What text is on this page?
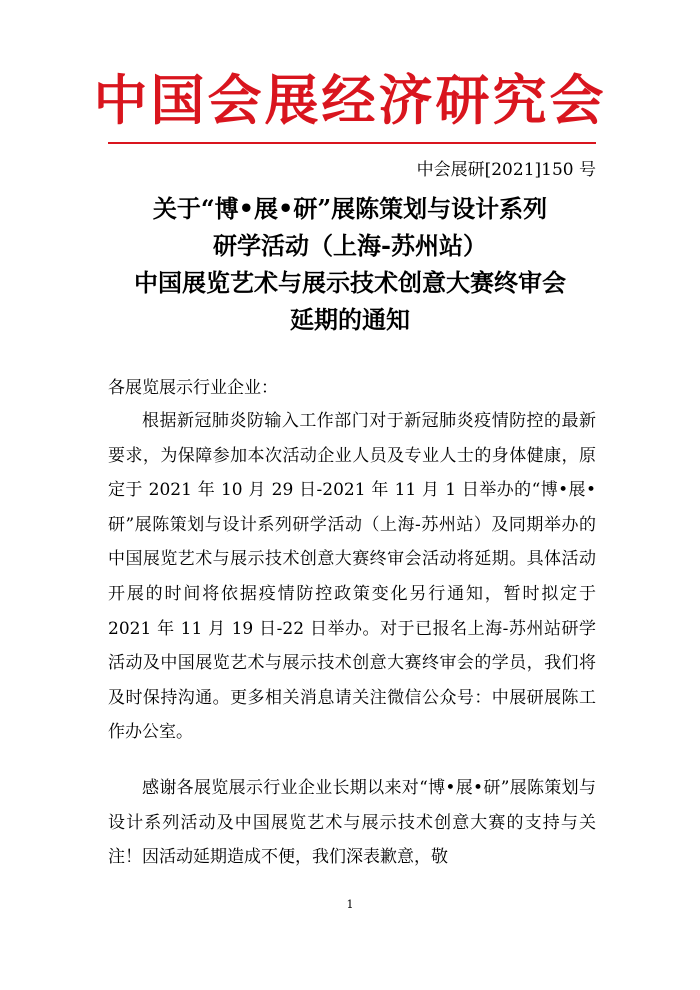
中国会展经济研究会
中会展研[2021]150 号
关于“博•展•研”展陈策划与设计系列
研学活动（上海-苏州站）
中国展览艺术与展示技术创意大赛终审会
延期的通知
各展览展示行业企业：
根据新冠肺炎防输入工作部门对于新冠肺炎疫情防控的最新要求，为保障参加本次活动企业人员及专业人士的身体健康，原定于 2021 年 10 月 29 日-2021 年 11 月 1 日举办的“博•展•研”展陈策划与设计系列研学活动（上海-苏州站）及同期举办的中国展览艺术与展示技术创意大赛终审会活动将延期。具体活动开展的时间将依据疫情防控政策变化另行通知，暂时拟定于 2021 年 11 月 19 日-22 日举办。对于已报名上海-苏州站研学活动及中国展览艺术与展示技术创意大赛终审会的学员，我们将及时保持沟通。更多相关消息请关注微信公众号：中展研展陈工作办公室。
感谢各展览展示行业企业长期以来对“博•展•研”展陈策划与设计系列活动及中国展览艺术与展示技术创意大赛的支持与关注！因活动延期造成不便，我们深表歉意，敬
1
